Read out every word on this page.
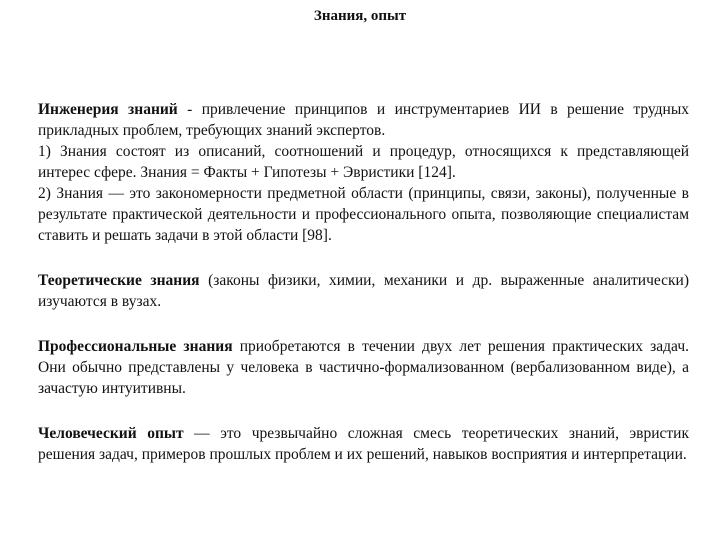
Знания, опыт

Инженерия знаний - привлечение принципов и инструментариев ИИ в решение трудных прикладных проблем, требующих знаний экспертов.

1) Знания состоят из описаний, соотношений и процедур, относящихся к представляющей интерес сфере. Знания = Факты + Гипотезы + Эвристики [124].

2) Знания — это закономерности предметной области (принципы, связи, законы), полученные в результате практической деятельности и профессионального опыта, позволяющие специалистам ставить и решать задачи в этой области [98].

Теоретические знания (законы физики, химии, механики и др. выраженные аналитически) изучаются в вузах.

Профессиональные знания приобретаются в течении двух лет решения практических задач. Они обычно представлены у человека в частично-формализованном (вербализованном виде), а зачастую интуитивны.

Человеческий опыт — это чрезвычайно сложная смесь теоретических знаний, эвристик решения задач, примеров прошлых проблем и их решений, навыков восприятия и интерпретации.
